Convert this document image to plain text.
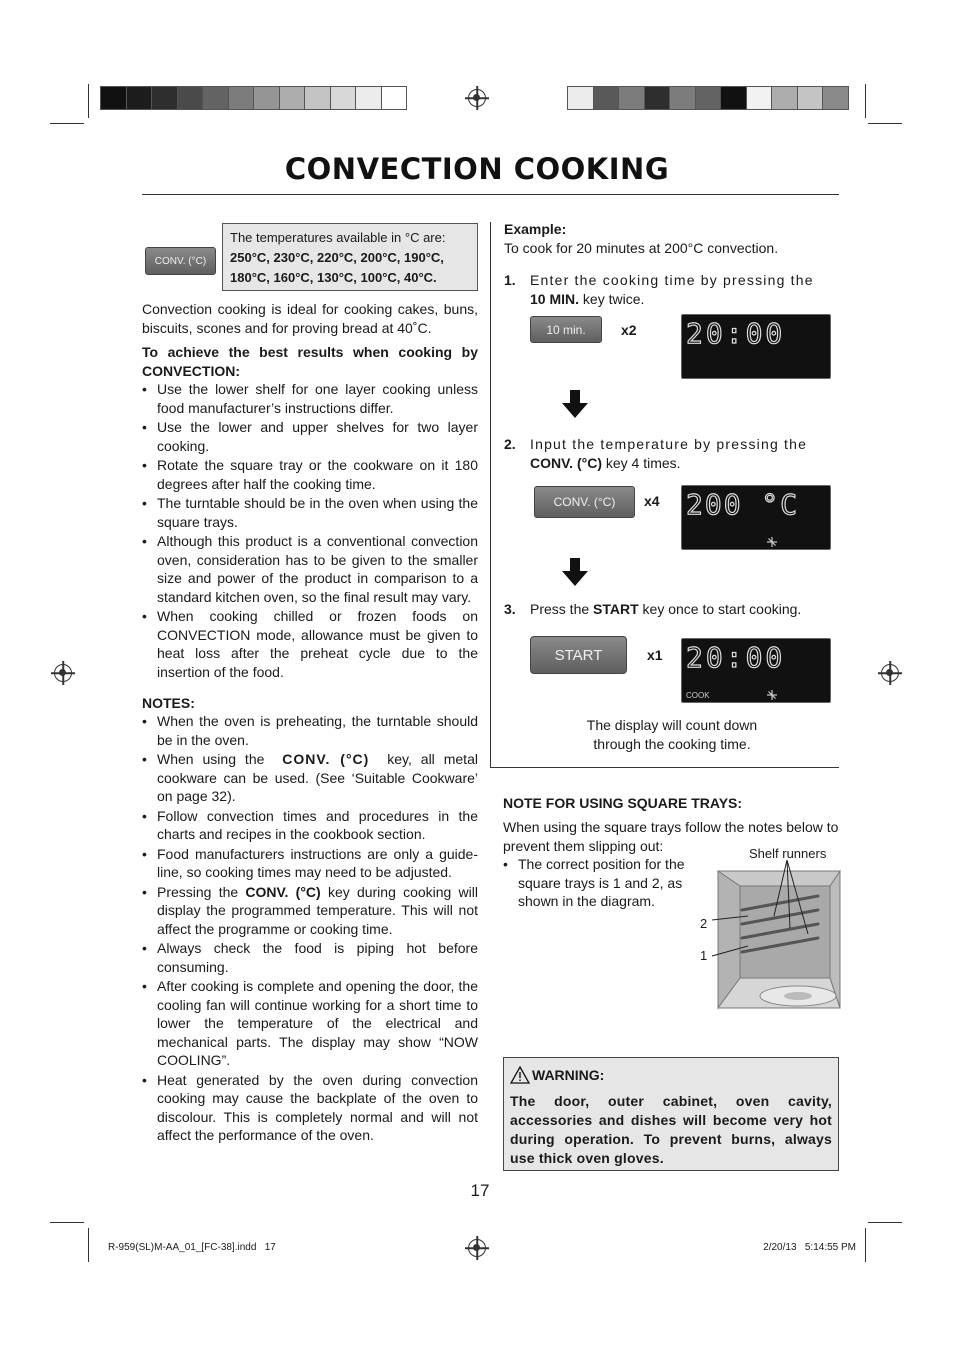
CONVECTION COOKING
CONV. (°C)
The temperatures available in °C are:
250°C, 230°C, 220°C, 200°C, 190°C,
180°C, 160°C, 130°C, 100°C, 40°C.
Convection cooking is ideal for cooking cakes, buns, biscuits, scones and for proving bread at 40˚C.
To achieve the best results when cooking by CONVECTION:
• Use the lower shelf for one layer cooking unless food manufacturer’s instructions differ.
• Use the lower and upper shelves for two layer cooking.
• Rotate the square tray or the cookware on it 180 degrees after half the cooking time.
• The turntable should be in the oven when using the square trays.
• Although this product is a conventional convection oven, consideration has to be given to the smaller size and power of the product in comparison to a standard kitchen oven, so the final result may vary.
• When cooking chilled or frozen foods on CONVECTION mode, allowance must be given to heat loss after the preheat cycle due to the insertion of the food.
NOTES:
• When the oven is preheating, the turntable should be in the oven.
• When using the CONV. (°C) key, all metal cookware can be used. (See ‘Suitable Cookware’ on page 32).
• Follow convection times and procedures in the charts and recipes in the cookbook section.
• Food manufacturers instructions are only a guide-line, so cooking times may need to be adjusted.
• Pressing the CONV. (°C) key during cooking will display the programmed temperature. This will not affect the programme or cooking time.
• Always check the food is piping hot before consuming.
• After cooking is complete and opening the door, the cooling fan will continue working for a short time to lower the temperature of the electrical and mechanical parts. The display may show “NOW COOLING”.
• Heat generated by the oven during convection cooking may cause the backplate of the oven to discolour. This is completely normal and will not affect the performance of the oven.
Example:
To cook for 20 minutes at 200°C convection.
1. Enter the cooking time by pressing the
10 MIN. key twice.
10 min.	x2 20:00
2. Input the temperature by pressing the
CONV. (°C) key 4 times.
CONV. (°C)	x4 200 °C
3. Press the START key once to start cooking.
START	x1 20:00
COOK
The display will count down
through the cooking time.
NOTE FOR USING SQUARE TRAYS:
When using the square trays follow the notes below to prevent them slipping out:
• The correct position for the square trays is 1 and 2, as shown in the diagram.
Shelf runners
2
1
WARNING :
The door, outer cabinet, oven cavity, accessories and dishes will become very hot during operation. To prevent burns, always use thick oven gloves.
17
R-959(SL)M-AA_01_[FC-38].indd   17	2/20/13   5:14:55 PM
